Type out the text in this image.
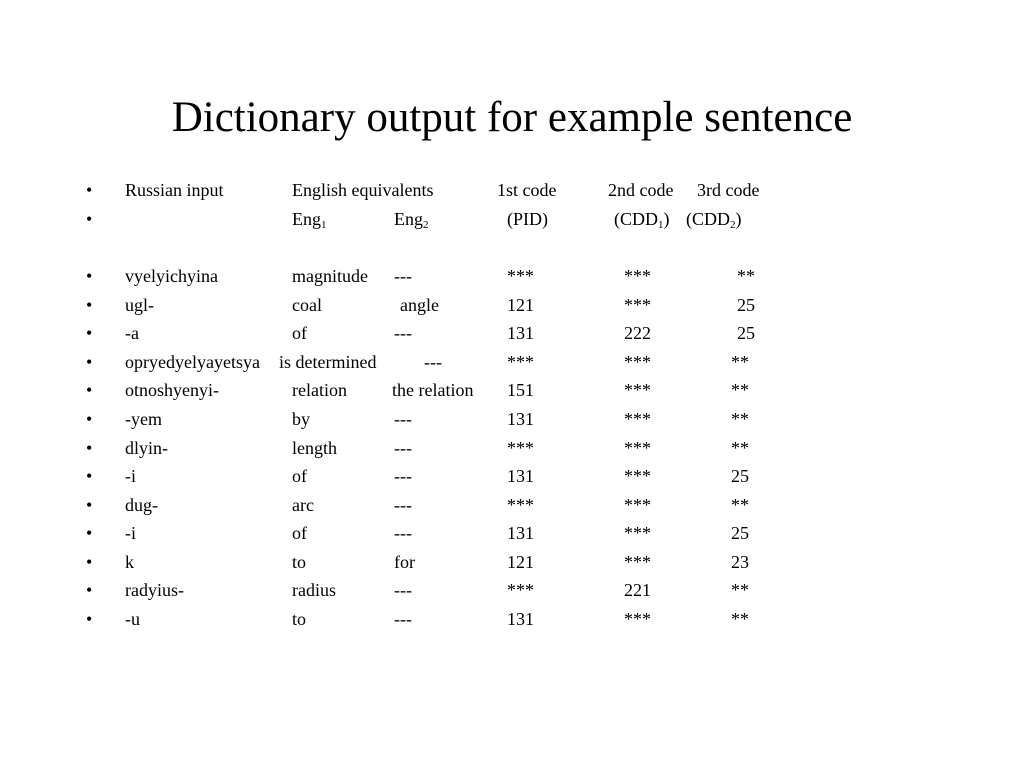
Dictionary output for example sentence
• Russian input	English equivalents	1st code	2nd code 3rd code
•	Eng$_1$	Eng$_2$	(PID)	$(CDD_1)$ $(CDD_2)$
• vyelyichyina	magnitude ---	***	***	**
• ugl-	coal	angle	121	***	25
• -a	of	---	131	222	25
• opryedyelyayetsya is determined	---	***	***	**
• otnoshyenyi-	relation	the relation 151	***	**
• -yem	by	---	131	***	**
• dlyin-	length	---	***	***	**
• -i	of	---	131	***	25
• dug-	arc	---	***	***	**
• -i	of	---	131	***	25
• k	to	for	121	***	23
• radyius-	radius	---	***	221	**
• -u	to	---	131	***	**
